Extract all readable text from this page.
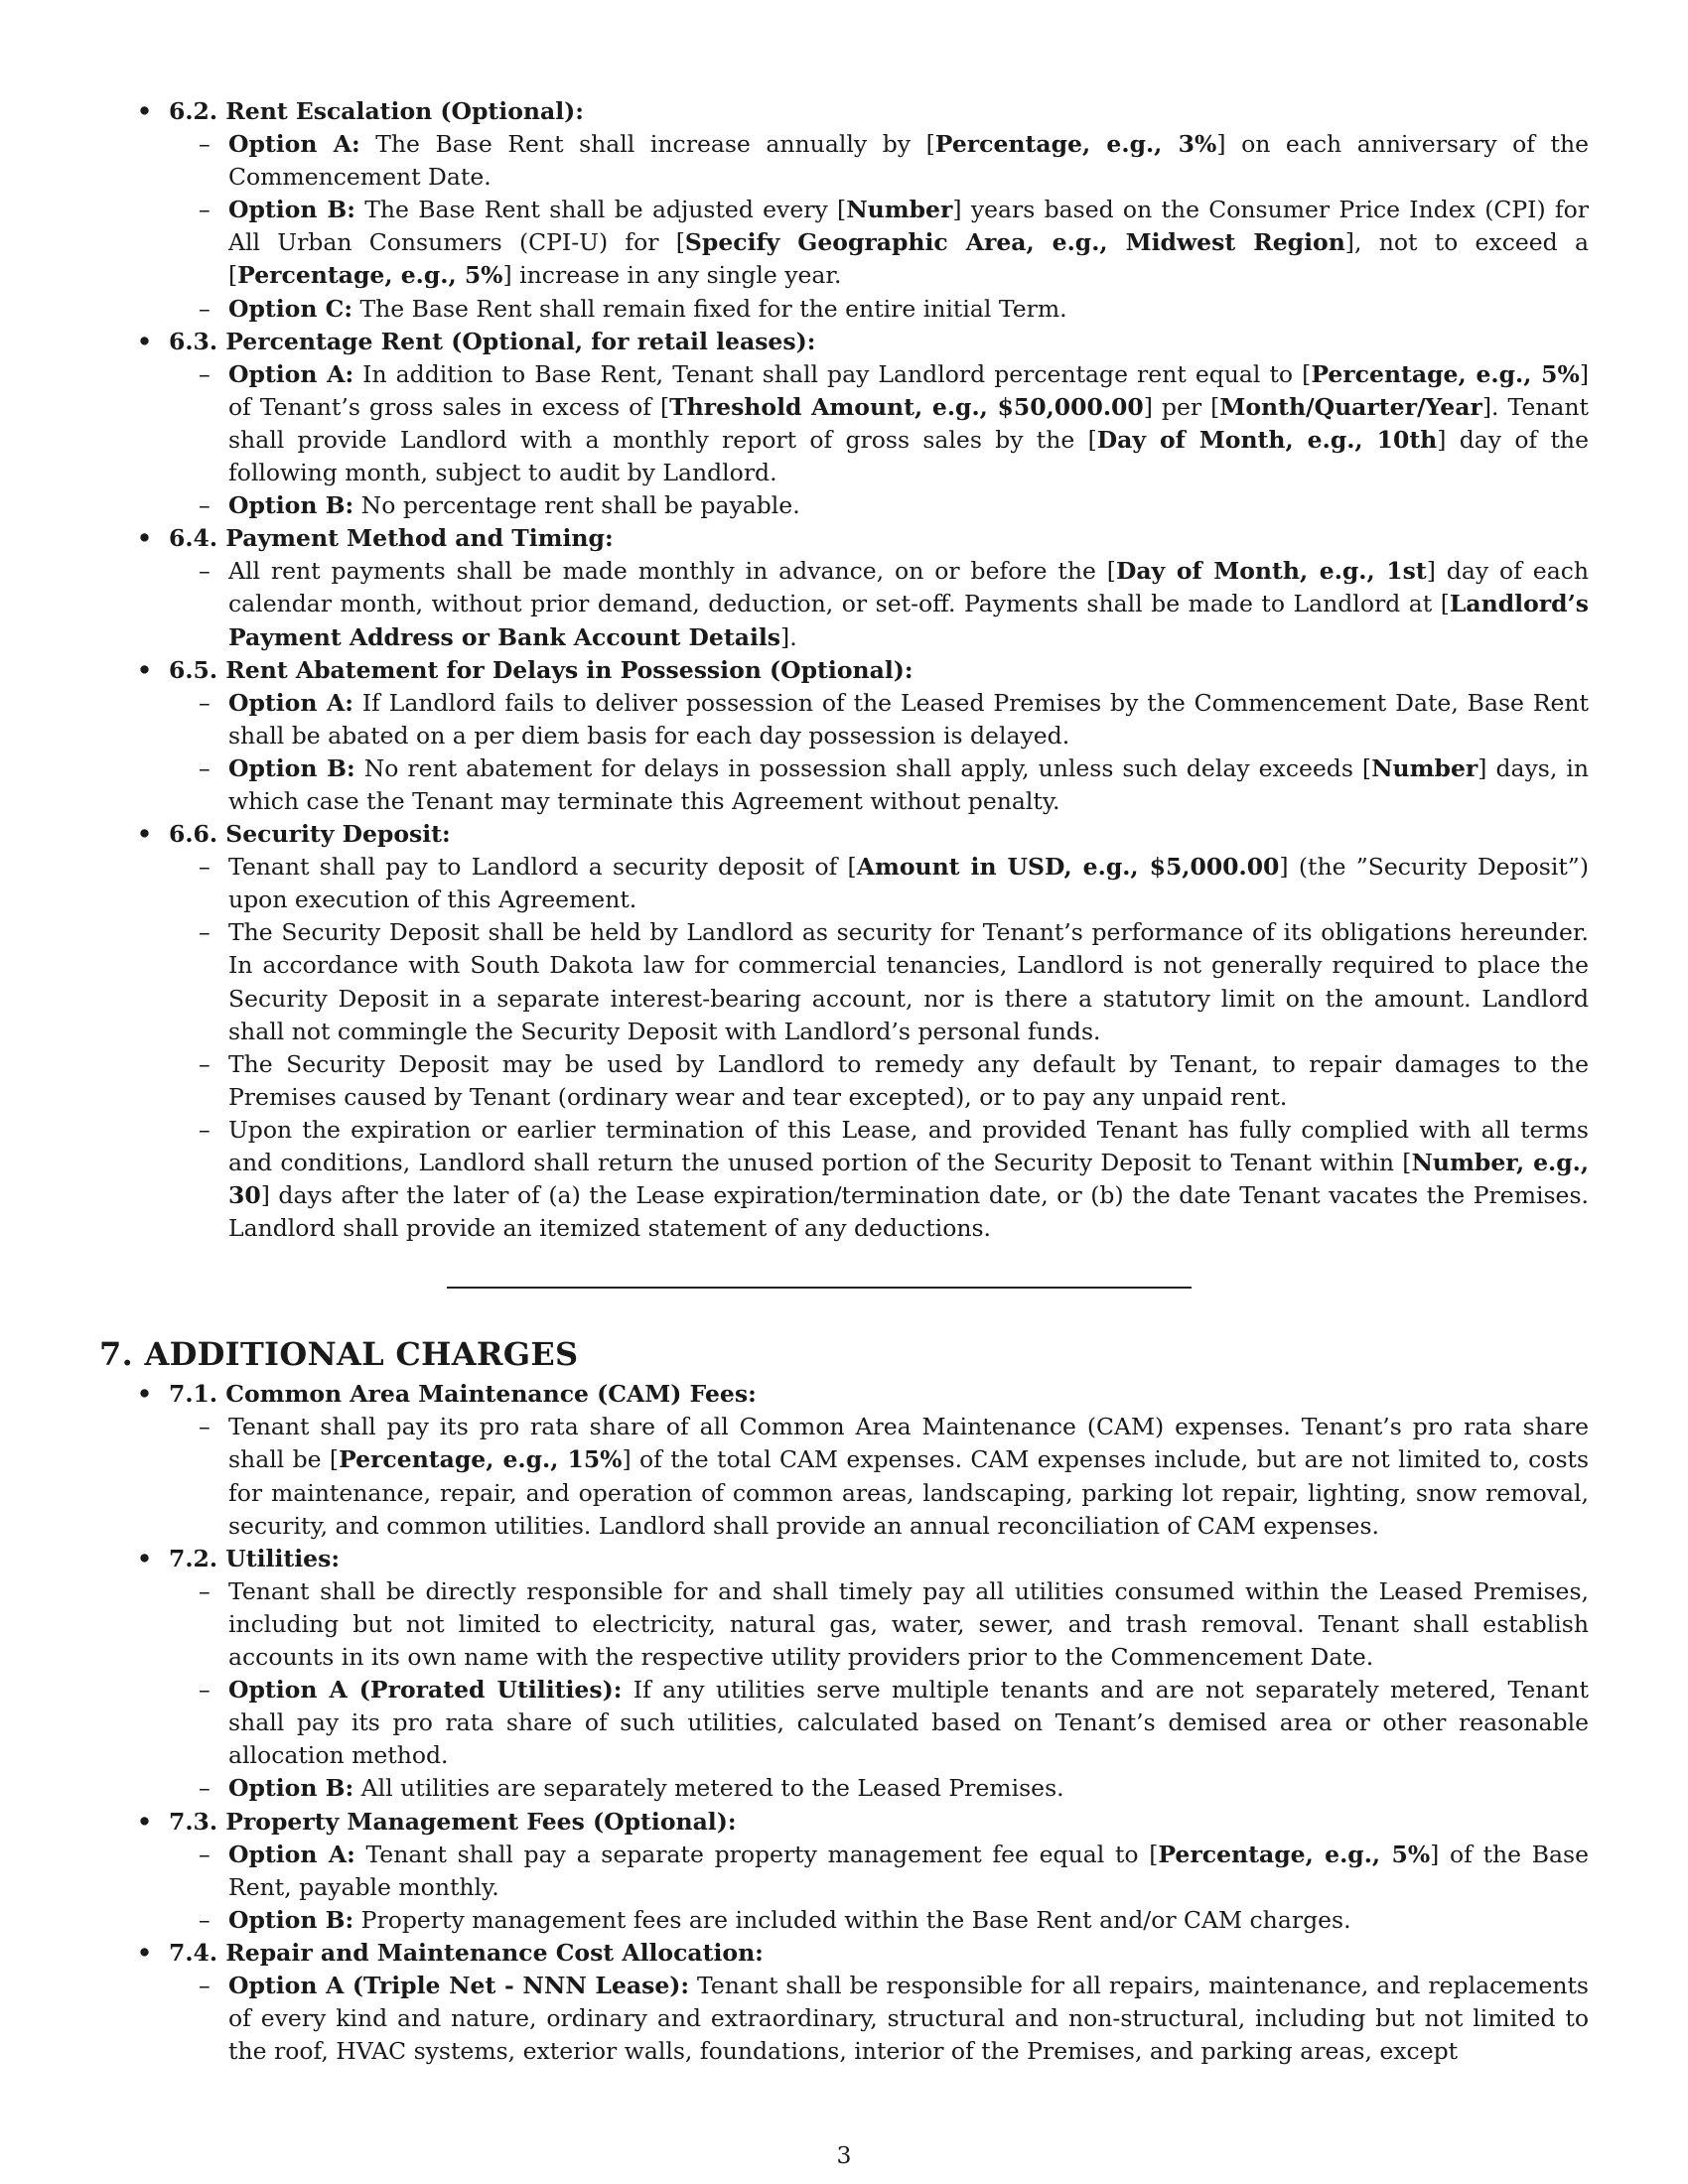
• 6.2. Rent Escalation (Optional):
– Option A: The Base Rent shall increase annually by [Percentage, e.g., 3%] on each anniversary of the Commencement Date.
– Option B: The Base Rent shall be adjusted every [Number] years based on the Consumer Price Index (CPI) for All Urban Consumers (CPI-U) for [Specify Geographic Area, e.g., Midwest Region], not to exceed a [Percentage, e.g., 5%] increase in any single year.
– Option C: The Base Rent shall remain fixed for the entire initial Term.
• 6.3. Percentage Rent (Optional, for retail leases):
– Option A: In addition to Base Rent, Tenant shall pay Landlord percentage rent equal to [Percentage, e.g., 5%] of Tenant’s gross sales in excess of [Threshold Amount, e.g., $50,000.00] per [Month/Quarter/Year]. Tenant shall provide Landlord with a monthly report of gross sales by the [Day of Month, e.g., 10th] day of the following month, subject to audit by Landlord.
– Option B: No percentage rent shall be payable.
• 6.4. Payment Method and Timing:
– All rent payments shall be made monthly in advance, on or before the [Day of Month, e.g., 1st] day of each calendar month, without prior demand, deduction, or set-off. Payments shall be made to Landlord at [Landlord’s Payment Address or Bank Account Details].
• 6.5. Rent Abatement for Delays in Possession (Optional):
– Option A: If Landlord fails to deliver possession of the Leased Premises by the Commencement Date, Base Rent shall be abated on a per diem basis for each day possession is delayed.
– Option B: No rent abatement for delays in possession shall apply, unless such delay exceeds [Number] days, in which case the Tenant may terminate this Agreement without penalty.
• 6.6. Security Deposit:
– Tenant shall pay to Landlord a security deposit of [Amount in USD, e.g., $5,000.00] (the ”Security Deposit”) upon execution of this Agreement.
– The Security Deposit shall be held by Landlord as security for Tenant’s performance of its obligations hereunder. In accordance with South Dakota law for commercial tenancies, Landlord is not generally required to place the Security Deposit in a separate interest-bearing account, nor is there a statutory limit on the amount. Landlord shall not commingle the Security Deposit with Landlord’s personal funds.
– The Security Deposit may be used by Landlord to remedy any default by Tenant, to repair damages to the Premises caused by Tenant (ordinary wear and tear excepted), or to pay any unpaid rent.
– Upon the expiration or earlier termination of this Lease, and provided Tenant has fully complied with all terms and conditions, Landlord shall return the unused portion of the Security Deposit to Tenant within [Number, e.g., 30] days after the later of (a) the Lease expiration/termination date, or (b) the date Tenant vacates the Premises. Landlord shall provide an itemized statement of any deductions.
7. ADDITIONAL CHARGES
• 7.1. Common Area Maintenance (CAM) Fees:
– Tenant shall pay its pro rata share of all Common Area Maintenance (CAM) expenses. Tenant’s pro rata share shall be [Percentage, e.g., 15%] of the total CAM expenses. CAM expenses include, but are not limited to, costs for maintenance, repair, and operation of common areas, landscaping, parking lot repair, lighting, snow removal, security, and common utilities. Landlord shall provide an annual reconciliation of CAM expenses.
• 7.2. Utilities:
– Tenant shall be directly responsible for and shall timely pay all utilities consumed within the Leased Premises, including but not limited to electricity, natural gas, water, sewer, and trash removal. Tenant shall establish accounts in its own name with the respective utility providers prior to the Commencement Date.
– Option A (Prorated Utilities): If any utilities serve multiple tenants and are not separately metered, Tenant shall pay its pro rata share of such utilities, calculated based on Tenant’s demised area or other reasonable allocation method.
– Option B: All utilities are separately metered to the Leased Premises.
• 7.3. Property Management Fees (Optional):
– Option A: Tenant shall pay a separate property management fee equal to [Percentage, e.g., 5%] of the Base Rent, payable monthly.
– Option B: Property management fees are included within the Base Rent and/or CAM charges.
• 7.4. Repair and Maintenance Cost Allocation:
– Option A (Triple Net - NNN Lease): Tenant shall be responsible for all repairs, maintenance, and replacements of every kind and nature, ordinary and extraordinary, structural and non-structural, including but not limited to the roof, HVAC systems, exterior walls, foundations, interior of the Premises, and parking areas, except
3
